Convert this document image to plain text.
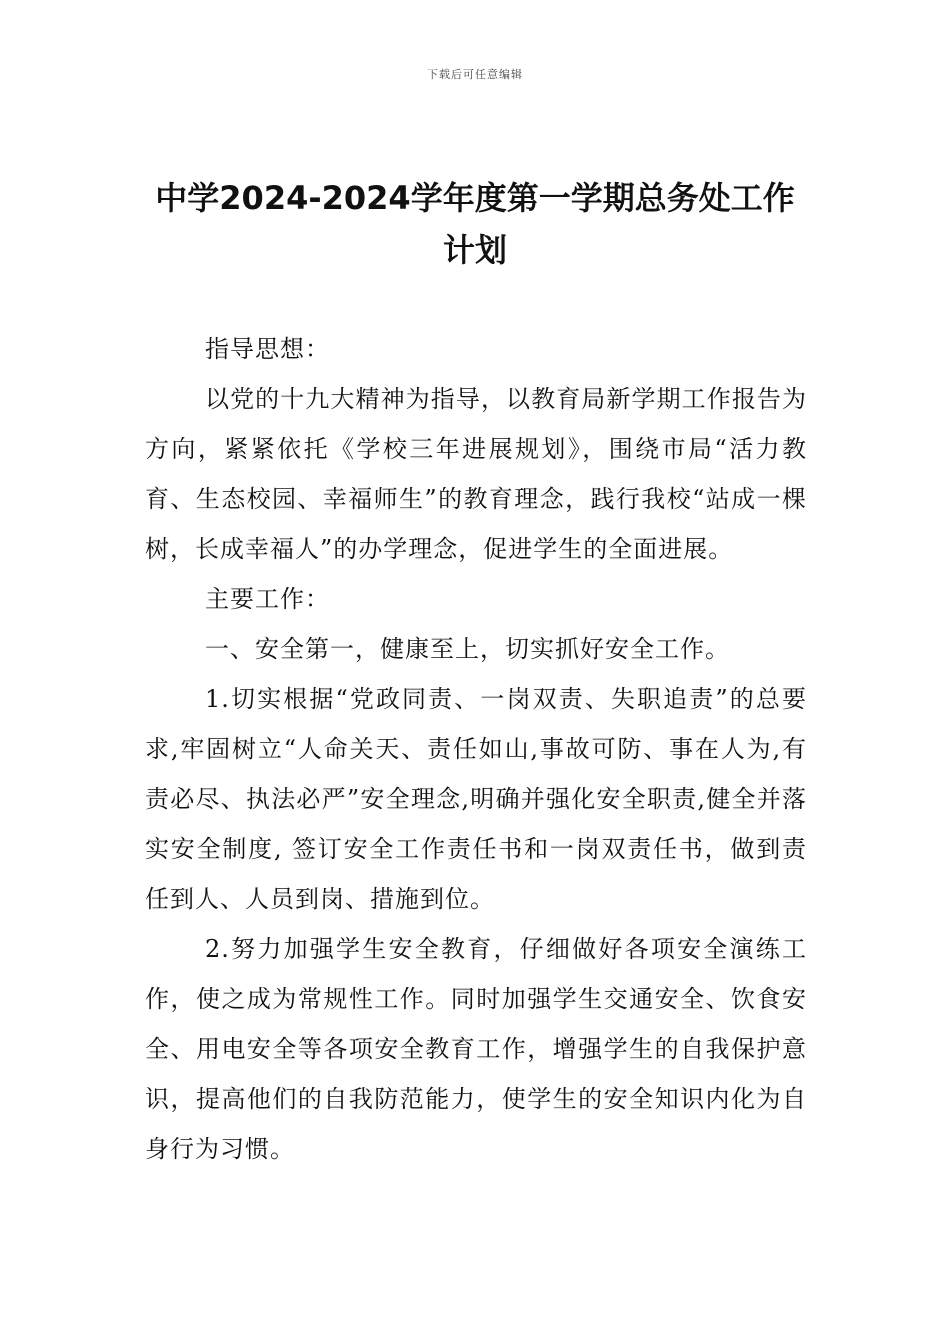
下载后可任意编辑
中学2024-2024学年度第一学期总务处工作计划

指导思想：

以党的十九大精神为指导，以教育局新学期工作报告为方向，紧紧依托《学校三年进展规划》，围绕市局“活力教育、生态校园、幸福师生”的教育理念，践行我校“站成一棵树，长成幸福人”的办学理念，促进学生的全面进展。

主要工作：

一、安全第一，健康至上，切实抓好安全工作。

1.切实根据“党政同责、一岗双责、失职追责”的总要求,牢固树立“人命关天、责任如山,事故可防、事在人为,有责必尽、执法必严”安全理念,明确并强化安全职责,健全并落实安全制度, 签订安全工作责任书和一岗双责任书，做到责任到人、人员到岗、措施到位。

2.努力加强学生安全教育，仔细做好各项安全演练工作，使之成为常规性工作。同时加强学生交通安全、饮食安全、用电安全等各项安全教育工作，增强学生的自我保护意识，提高他们的自我防范能力，使学生的安全知识内化为自身行为习惯。
